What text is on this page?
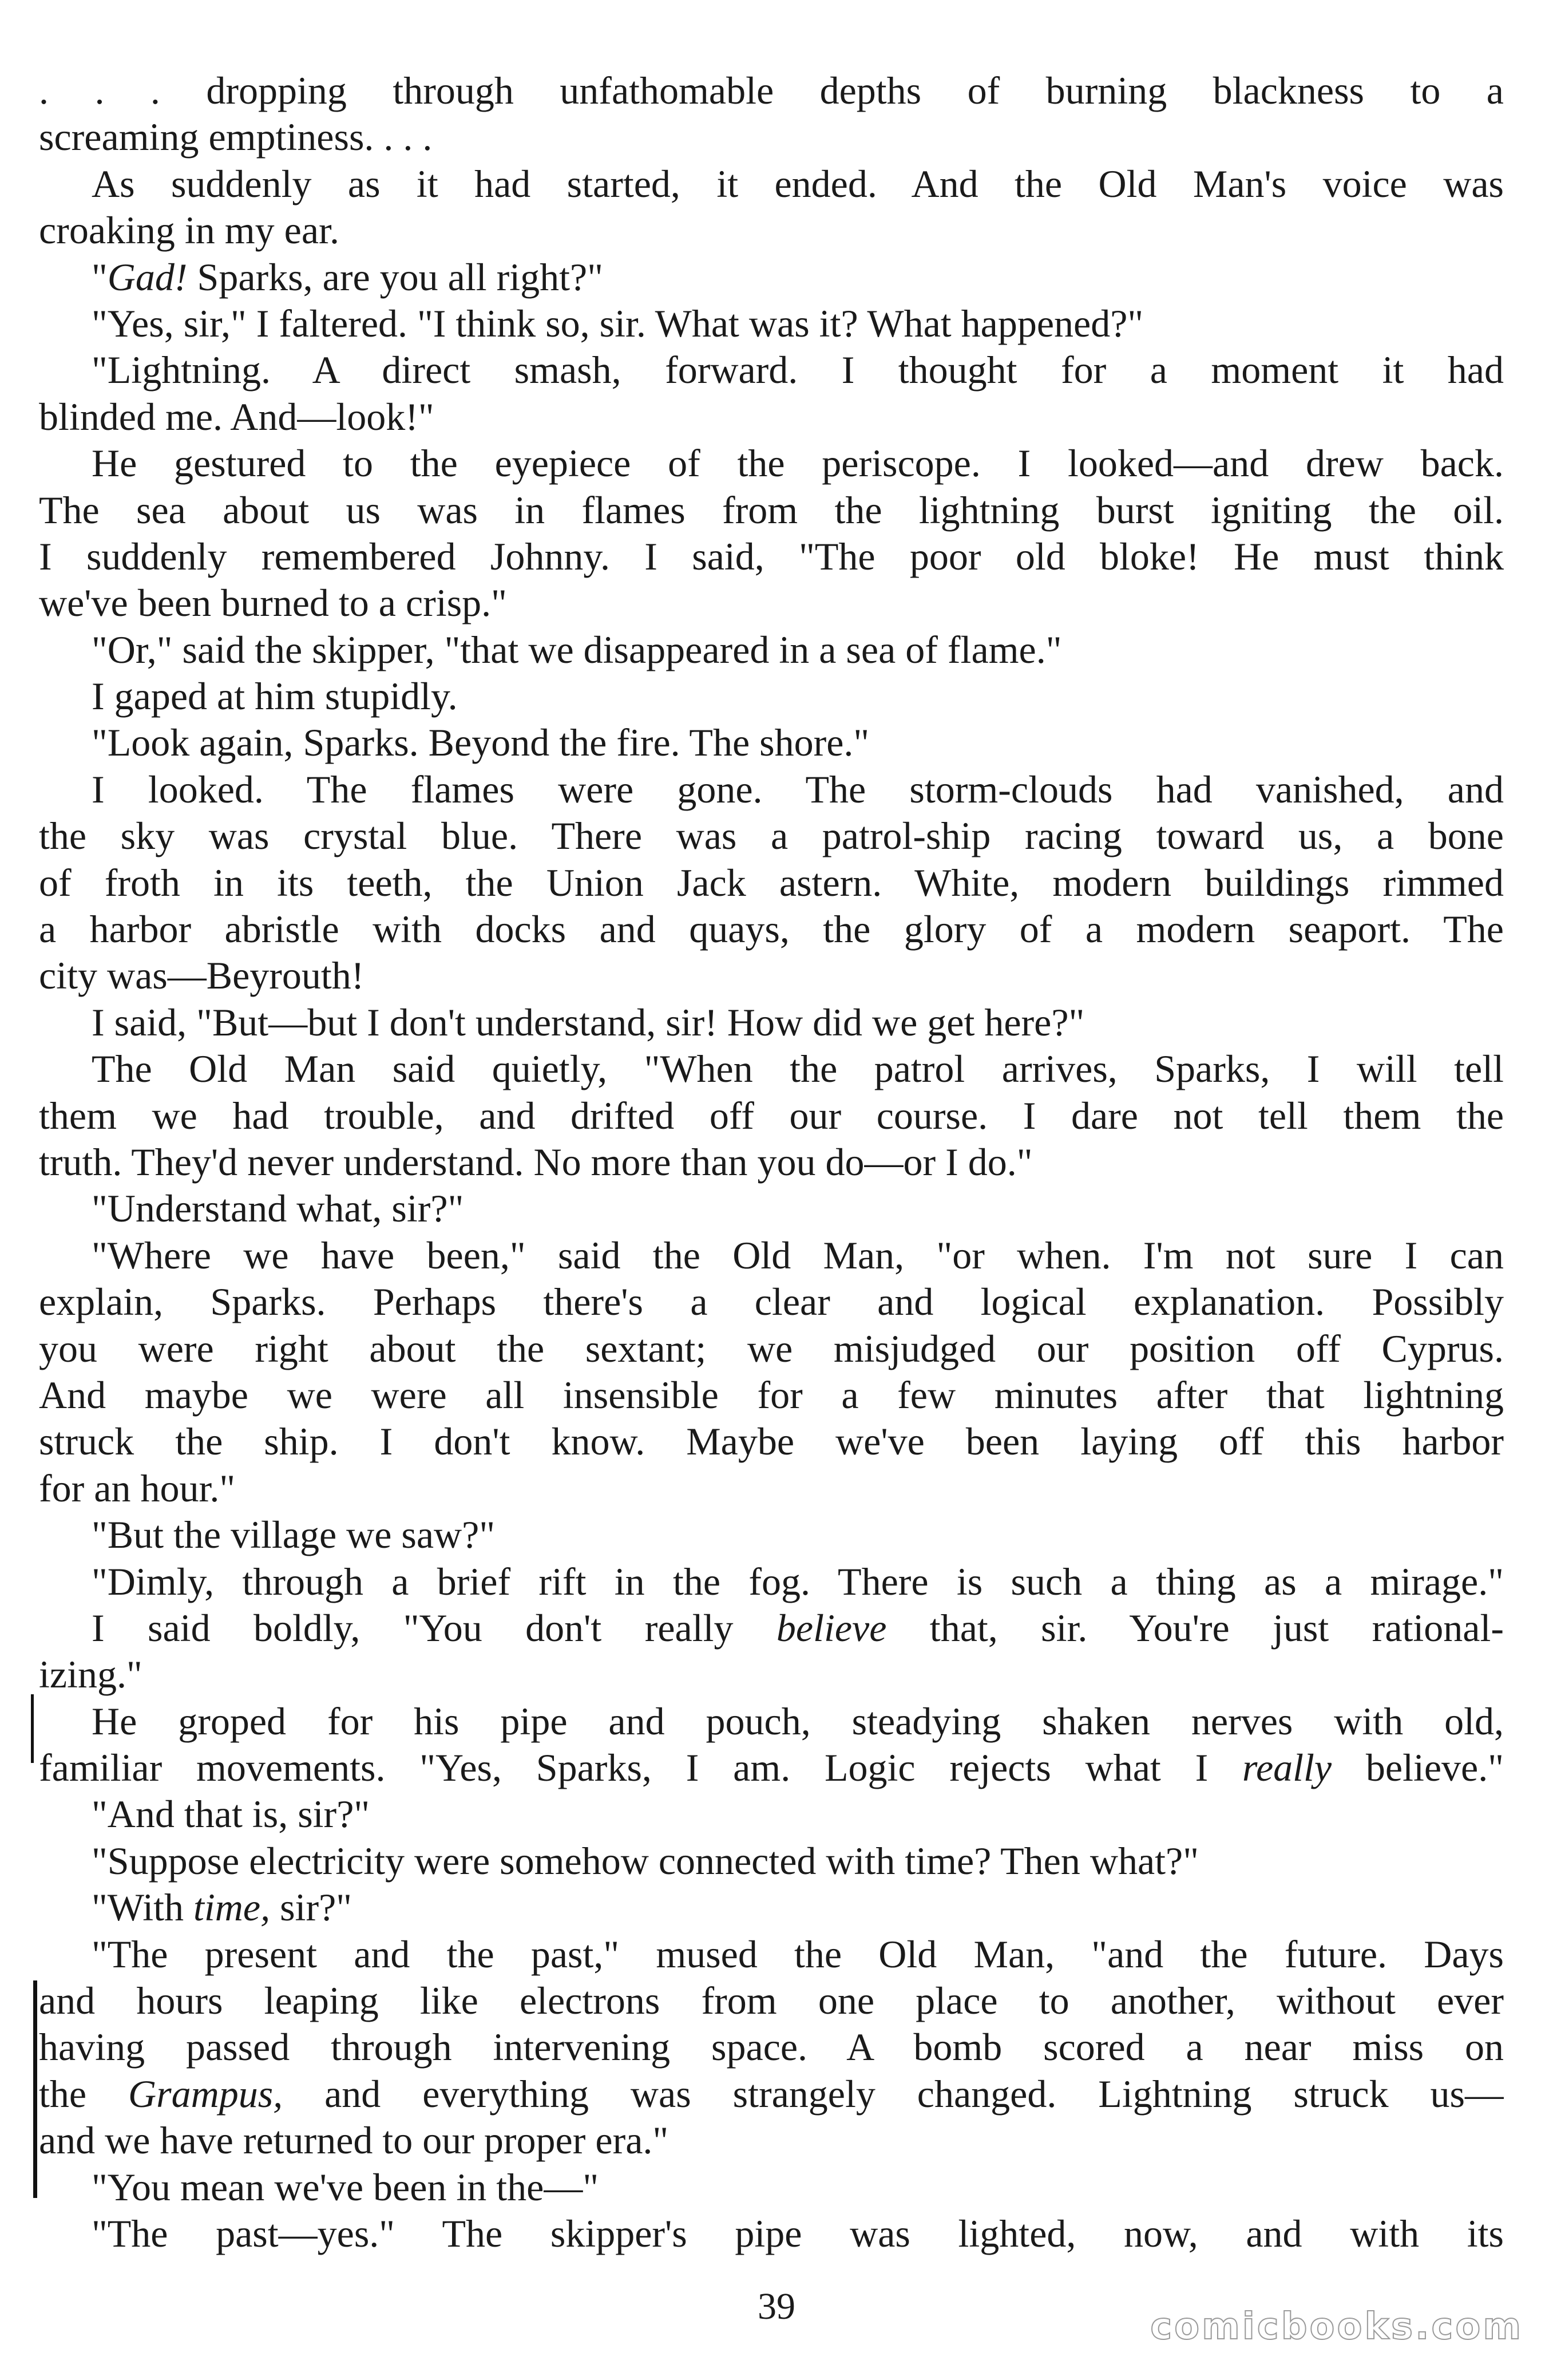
. . . dropping through unfathomable depths of burning blackness to a
screaming emptiness. . . .
As suddenly as it had started, it ended. And the Old Man's voice was
croaking in my ear.
"Gad! Sparks, are you all right?"
"Yes, sir," I faltered. "I think so, sir. What was it? What happened?"
"Lightning. A direct smash, forward. I thought for a moment it had
blinded me. And—look!"
He gestured to the eyepiece of the periscope. I looked—and drew back.
The sea about us was in flames from the lightning burst igniting the oil.
I suddenly remembered Johnny. I said, "The poor old bloke! He must think
we've been burned to a crisp."
"Or," said the skipper, "that we disappeared in a sea of flame."
I gaped at him stupidly.
"Look again, Sparks. Beyond the fire. The shore."
I looked. The flames were gone. The storm-clouds had vanished, and
the sky was crystal blue. There was a patrol-ship racing toward us, a bone
of froth in its teeth, the Union Jack astern. White, modern buildings rimmed
a harbor abristle with docks and quays, the glory of a modern seaport. The
city was—Beyrouth!
I said, "But—but I don't understand, sir! How did we get here?"
The Old Man said quietly, "When the patrol arrives, Sparks, I will tell
them we had trouble, and drifted off our course. I dare not tell them the
truth. They'd never understand. No more than you do—or I do."
"Understand what, sir?"
"Where we have been," said the Old Man, "or when. I'm not sure I can
explain, Sparks. Perhaps there's a clear and logical explanation. Possibly
you were right about the sextant; we misjudged our position off Cyprus.
And maybe we were all insensible for a few minutes after that lightning
struck the ship. I don't know. Maybe we've been laying off this harbor
for an hour."
"But the village we saw?"
"Dimly, through a brief rift in the fog. There is such a thing as a mirage."
I said boldly, "You don't really believe that, sir. You're just rational-
izing."
He groped for his pipe and pouch, steadying shaken nerves with old,
familiar movements. "Yes, Sparks, I am. Logic rejects what I really believe."
"And that is, sir?"
"Suppose electricity were somehow connected with time? Then what?"
"With time, sir?"
"The present and the past," mused the Old Man, "and the future. Days
and hours leaping like electrons from one place to another, without ever
having passed through intervening space. A bomb scored a near miss on
the Grampus, and everything was strangely changed. Lightning struck us—
and we have returned to our proper era."
"You mean we've been in the—"
"The past—yes." The skipper's pipe was lighted, now, and with its
39	comicbooks.com
